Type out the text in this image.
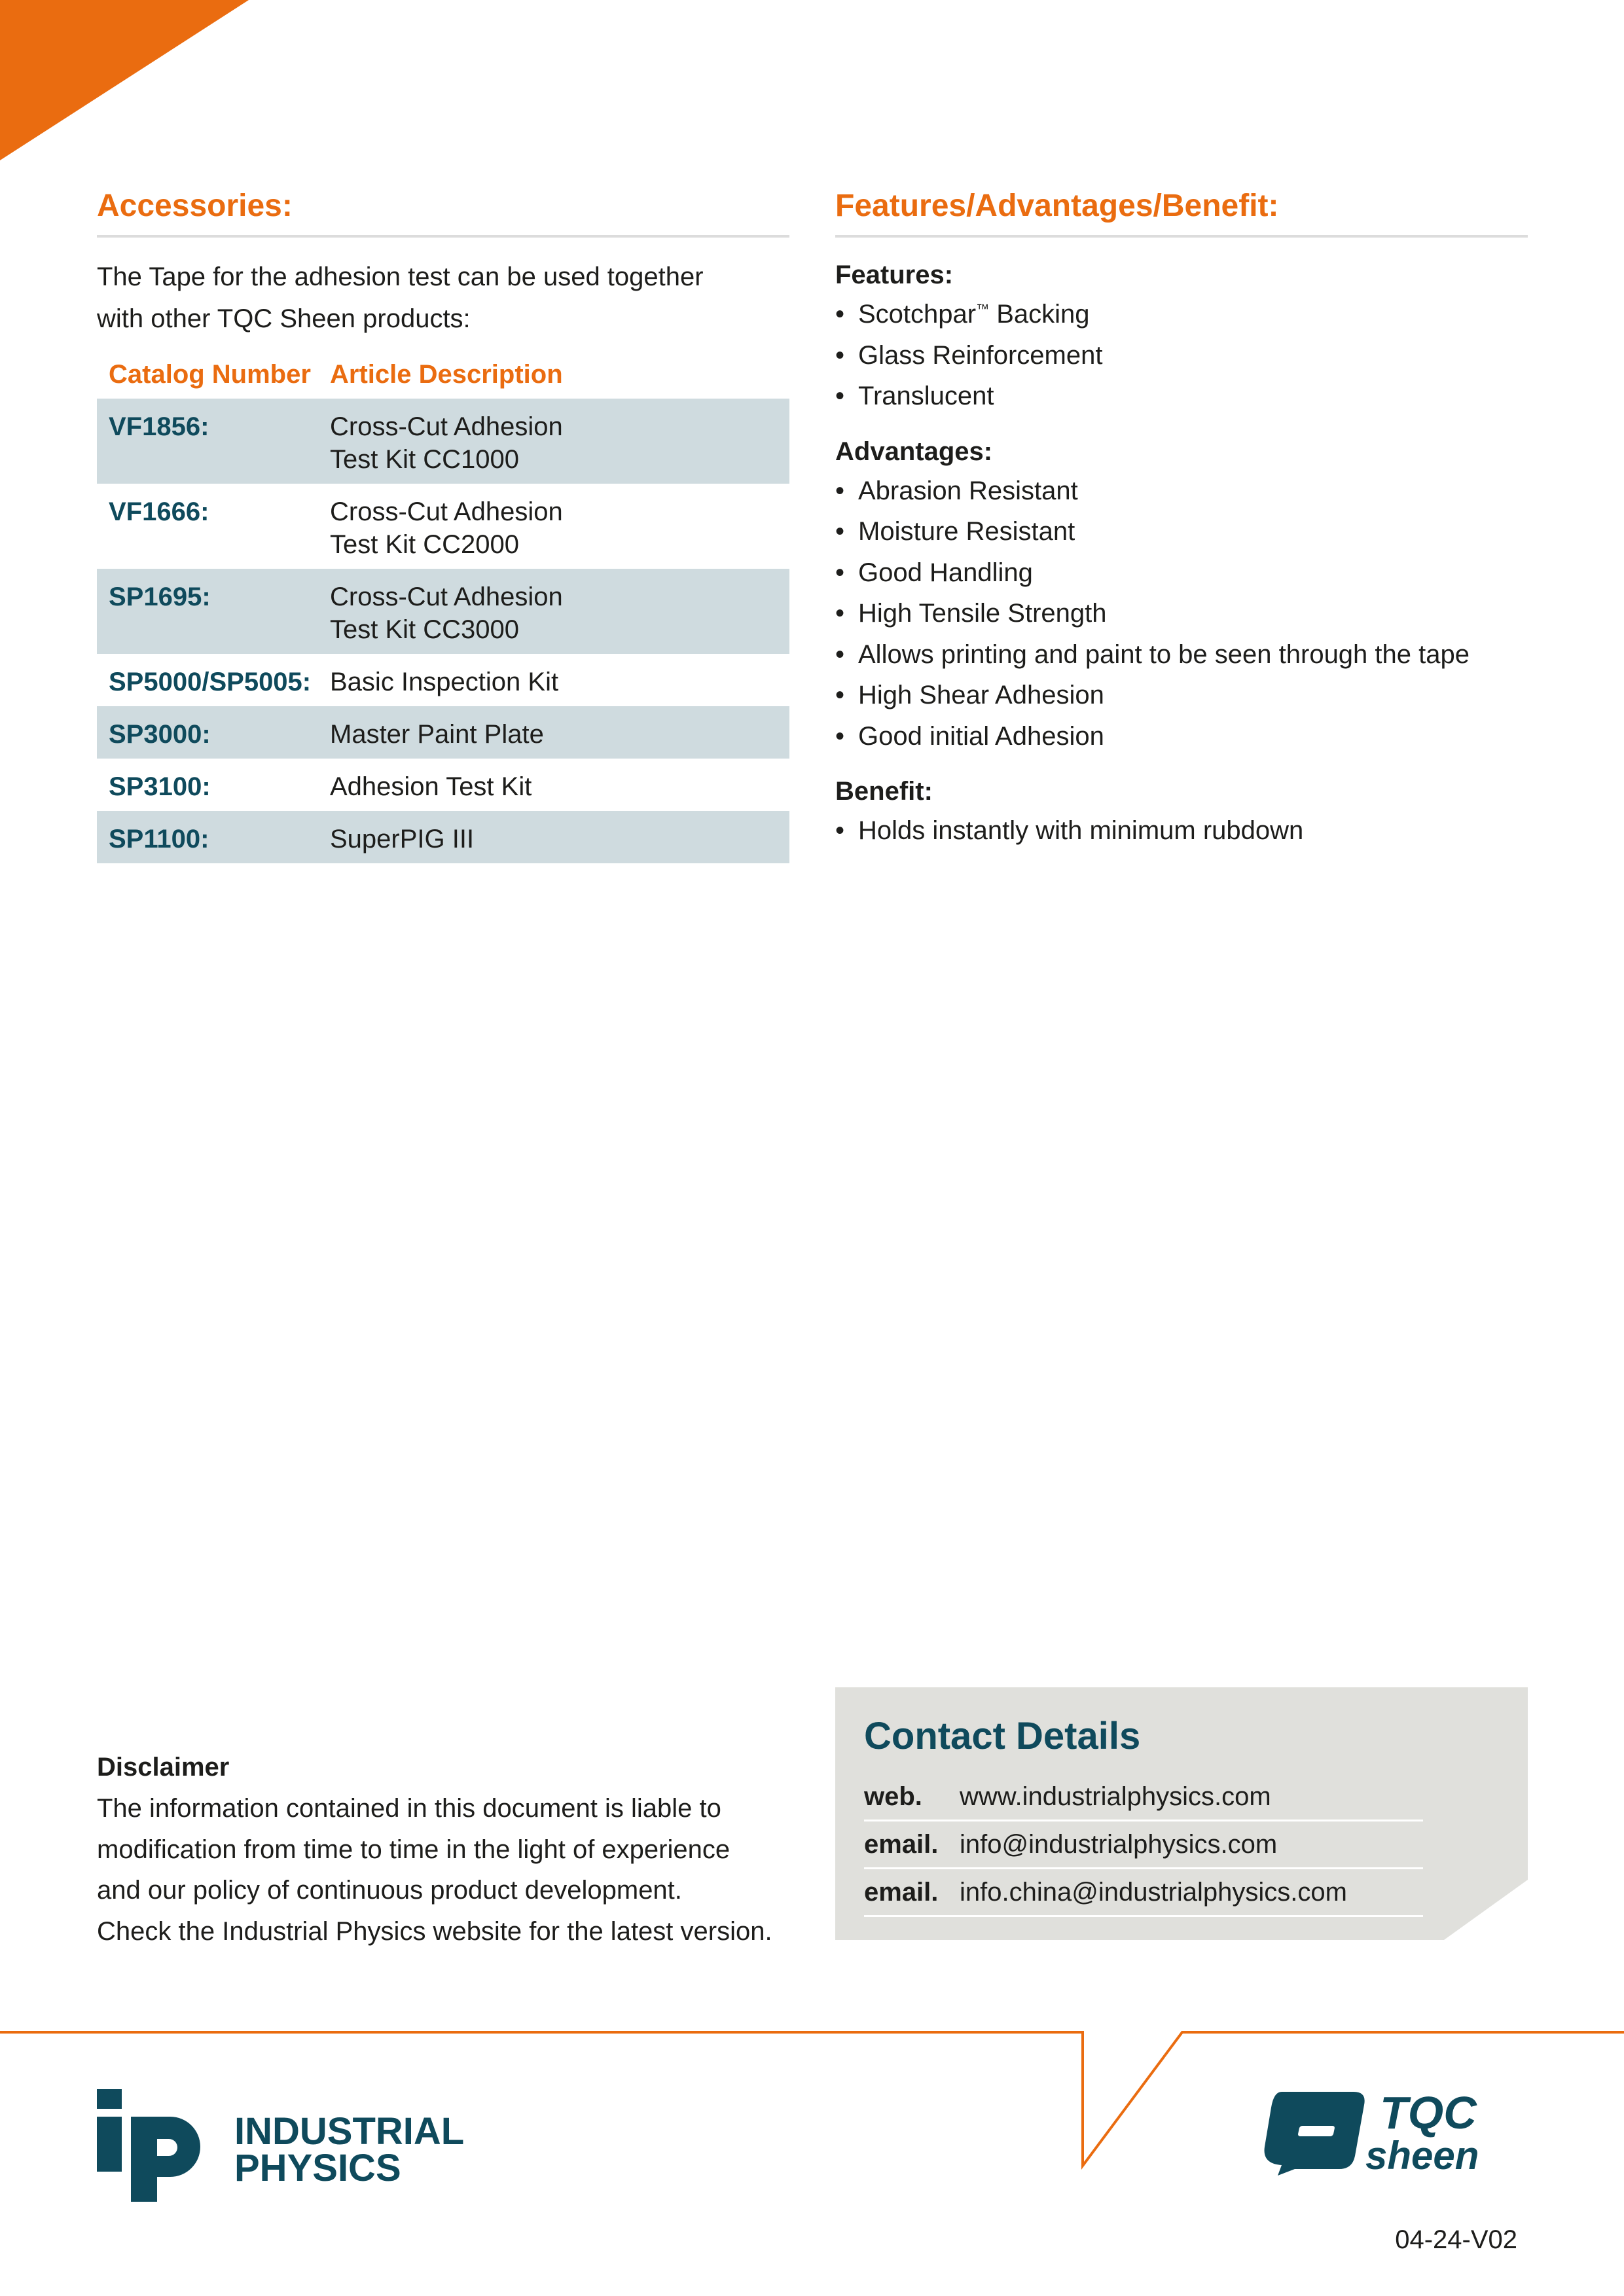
Accessories:
The Tape for the adhesion test can be used together
with other TQC Sheen products:
Catalog Number	Article Description
VF1856:	Cross-Cut Adhesion
Test Kit CC1000

VF1666:	Cross-Cut Adhesion
Test Kit CC2000

SP1695:	Cross-Cut Adhesion
Test Kit CC3000

SP5000/SP5005:	Basic Inspection Kit
SP3000:	Master Paint Plate
SP3100:	Adhesion Test Kit
SP1100:	SuperPIG III
Features/Advantages/Benefit:
Features:
• Scotchpar™ Backing
• Glass Reinforcement
• Translucent
Advantages:
• Abrasion Resistant
• Moisture Resistant
• Good Handling
• High Tensile Strength
• Allows printing and paint to be seen through the tape
• High Shear Adhesion
• Good initial Adhesion
Benefit:
• Holds instantly with minimum rubdown
Disclaimer
The information contained in this document is liable to
modification from time to time in the light of experience
and our policy of continuous product development.
Check the Industrial Physics website for the latest version.
Contact Details
web.	www.industrialphysics.com
email. info@industrialphysics.com
email. info.china@industrialphysics.com
INDUSTRIAL
PHYSICS
TQC
sheen
04-24-V02
